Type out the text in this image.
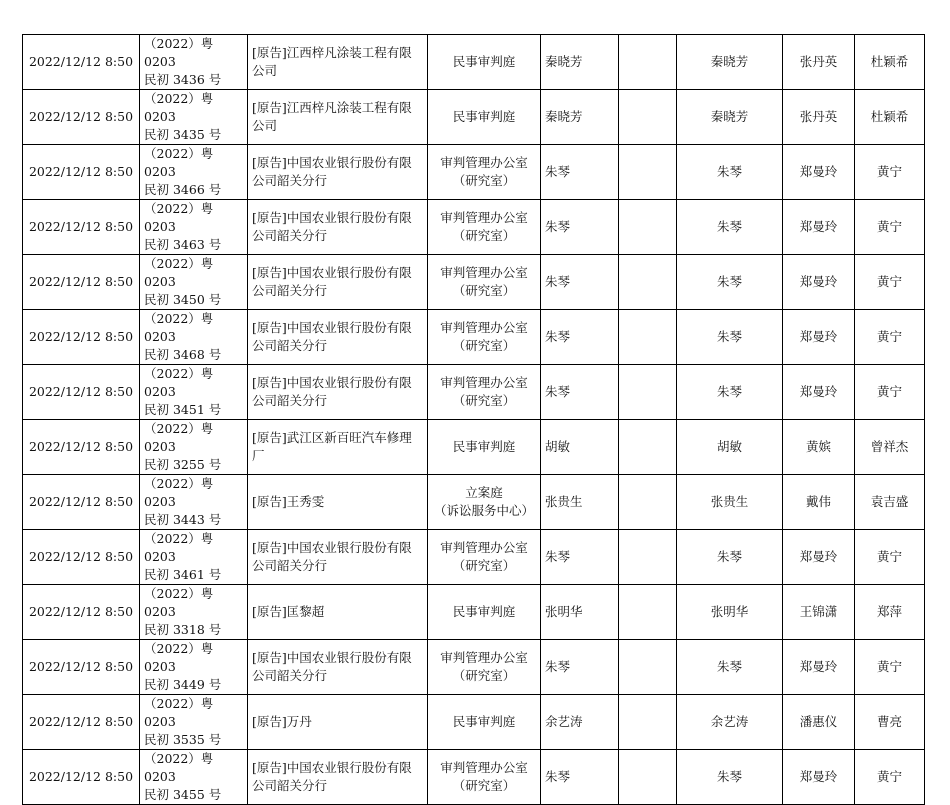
2022/12/12 8:50	（2022）粤 0203
民初 3436 号	[原告]江西梓凡涂装工程有限公司	民事审判庭	秦晓芳		秦晓芳	张丹英	杜颖希
2022/12/12 8:50	（2022）粤 0203
民初 3435 号	[原告]江西梓凡涂装工程有限公司	民事审判庭	秦晓芳		秦晓芳	张丹英	杜颖希
2022/12/12 8:50	（2022）粤 0203
民初 3466 号	[原告]中国农业银行股份有限公司韶关分行	审判管理办公室
（研究室）	朱琴		朱琴	郑曼玲	黄宁
2022/12/12 8:50	（2022）粤 0203
民初 3463 号	[原告]中国农业银行股份有限公司韶关分行	审判管理办公室
（研究室）	朱琴		朱琴	郑曼玲	黄宁
2022/12/12 8:50	（2022）粤 0203
民初 3450 号	[原告]中国农业银行股份有限公司韶关分行	审判管理办公室
（研究室）	朱琴		朱琴	郑曼玲	黄宁
2022/12/12 8:50	（2022）粤 0203
民初 3468 号	[原告]中国农业银行股份有限公司韶关分行	审判管理办公室
（研究室）	朱琴		朱琴	郑曼玲	黄宁
2022/12/12 8:50	（2022）粤 0203
民初 3451 号	[原告]中国农业银行股份有限公司韶关分行	审判管理办公室
（研究室）	朱琴		朱琴	郑曼玲	黄宁
2022/12/12 8:50	（2022）粤 0203
民初 3255 号	[原告]武江区新百旺汽车修理厂	民事审判庭	胡敏		胡敏	黄嫔	曾祥杰
2022/12/12 8:50	（2022）粤 0203
民初 3443 号	[原告]王秀雯	立案庭
（诉讼服务中心）	张贵生		张贵生	戴伟	袁吉盛
2022/12/12 8:50	（2022）粤 0203
民初 3461 号	[原告]中国农业银行股份有限公司韶关分行	审判管理办公室
（研究室）	朱琴		朱琴	郑曼玲	黄宁
2022/12/12 8:50	（2022）粤 0203
民初 3318 号	[原告]匡黎超	民事审判庭	张明华		张明华	王锦潇	郑萍
2022/12/12 8:50	（2022）粤 0203
民初 3449 号	[原告]中国农业银行股份有限公司韶关分行	审判管理办公室
（研究室）	朱琴		朱琴	郑曼玲	黄宁
2022/12/12 8:50	（2022）粤 0203
民初 3535 号	[原告]万丹	民事审判庭	余艺涛		余艺涛	潘惠仪	曹亮
2022/12/12 8:50	（2022）粤 0203
民初 3455 号	[原告]中国农业银行股份有限公司韶关分行	审判管理办公室
（研究室）	朱琴		朱琴	郑曼玲	黄宁
